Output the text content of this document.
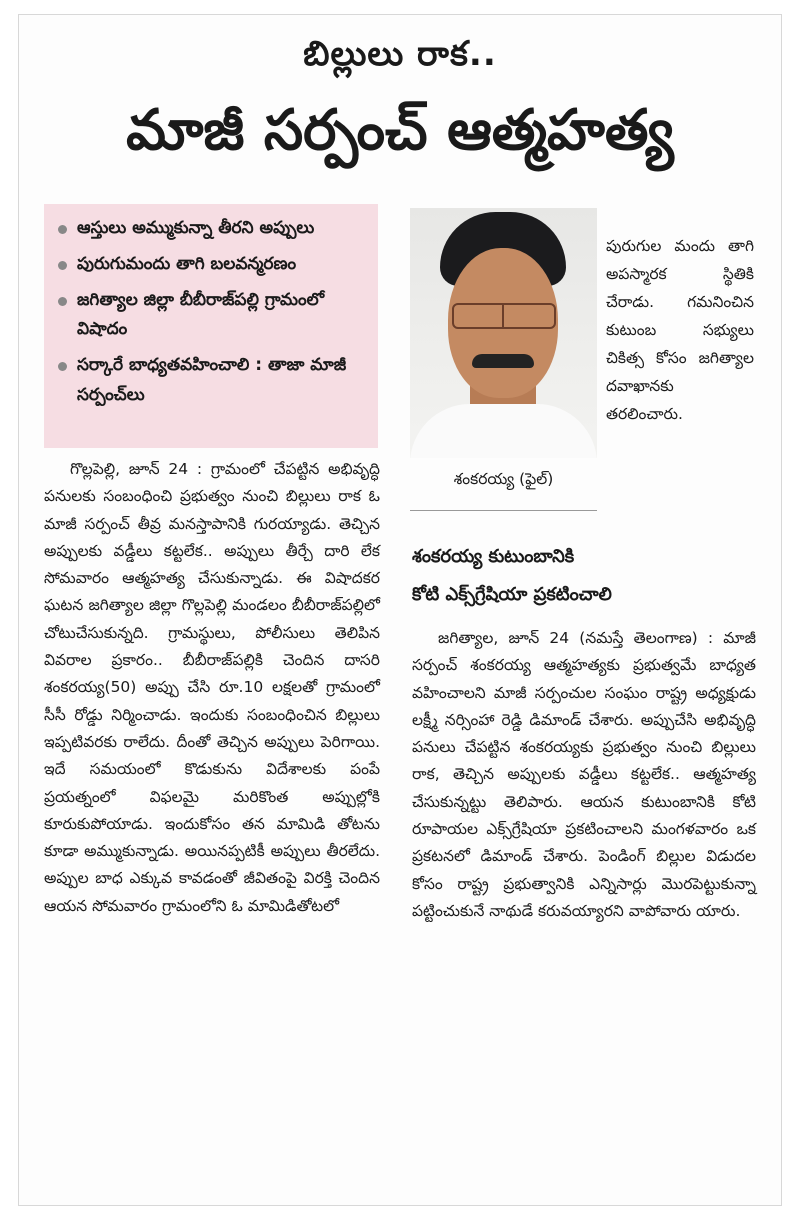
బిల్లులు రాక..
మాజీ సర్పంచ్ ఆత్మహత్య
ఆస్తులు అమ్ముకున్నా తీరని అప్పులు
పురుగుమందు తాగి బలవన్మరణం
జగిత్యాల జిల్లా బీబీరాజ్‌పల్లి గ్రామంలో విషాదం
సర్కారే బాధ్యతవహించాలి : తాజా మాజీ సర్పంచ్‌లు

గొల్లపెల్లి, జూన్ 24 : గ్రామంలో చేపట్టిన అభివృద్ధి పనులకు సంబంధించి ప్రభుత్వం నుంచి బిల్లులు రాక ఓ మాజీ సర్పంచ్ తీవ్ర మనస్తాపానికి గురయ్యాడు. తెచ్చిన అప్పులకు వడ్డీలు కట్టలేక.. అప్పులు తీర్చే దారి లేక సోమవారం ఆత్మహత్య చేసుకున్నాడు. ఈ విషాదకర ఘటన జగిత్యాల జిల్లా గొల్లపెల్లి మండలం బీబీరాజ్‌పల్లిలో చోటుచేసుకున్నది. గ్రామస్థులు, పోలీసులు తెలిపిన వివరాల ప్రకారం.. బీబీరాజ్‌పల్లికి చెందిన దాసరి శంకరయ్య(50) అప్పు చేసి రూ.10 లక్షలతో గ్రామంలో సీసీ రోడ్డు నిర్మించాడు. ఇందుకు సంబంధించిన బిల్లులు ఇప్పటివరకు రాలేదు. దీంతో తెచ్చిన అప్పులు పెరిగాయి. ఇదే సమయంలో కొడుకును విదేశాలకు పంపే ప్రయత్నంలో విఫలమై మరికొంత అప్పుల్లోకి కూరుకుపోయాడు. ఇందుకోసం తన మామిడి తోటను కూడా అమ్ముకున్నాడు. అయినప్పటికీ అప్పులు తీరలేదు. అప్పుల బాధ ఎక్కువ కావడంతో జీవితంపై విరక్తి చెందిన ఆయన సోమవారం గ్రామంలోని ఓ మామిడితోటలో

శంకరయ్య (ఫైల్)
పురుగుల మందు తాగి అపస్మారక స్థితికి చేరాడు. గమనించిన కుటుంబ సభ్యులు చికిత్స కోసం జగిత్యాల దవాఖానకు తరలించారు.
శంకరయ్య కుటుంబానికి
కోటి ఎక్స్‌గ్రేషియా ప్రకటించాలి

జగిత్యాల, జూన్ 24 (నమస్తే తెలంగాణ) : మాజీ సర్పంచ్ శంకరయ్య ఆత్మహత్యకు ప్రభుత్వమే బాధ్యత వహించాలని మాజీ సర్పంచుల సంఘం రాష్ట్ర అధ్యక్షుడు లక్ష్మీ నర్సింహా రెడ్డి డిమాండ్ చేశారు. అప్పుచేసి అభివృద్ధి పనులు చేపట్టిన శంకరయ్యకు ప్రభుత్వం నుంచి బిల్లులు రాక, తెచ్చిన అప్పులకు వడ్డీలు కట్టలేక.. ఆత్మహత్య చేసుకున్నట్టు తెలిపారు. ఆయన కుటుంబానికి కోటి రూపాయల ఎక్స్‌గ్రేషియా ప్రకటించాలని మంగళవారం ఒక ప్రకటనలో డిమాండ్ చేశారు. పెండింగ్ బిల్లుల విడుదల కోసం రాష్ట్ర ప్రభుత్వానికి ఎన్నిసార్లు మొరపెట్టుకున్నా పట్టించుకునే నాథుడే కరువయ్యారని వాపోవారు యారు.
